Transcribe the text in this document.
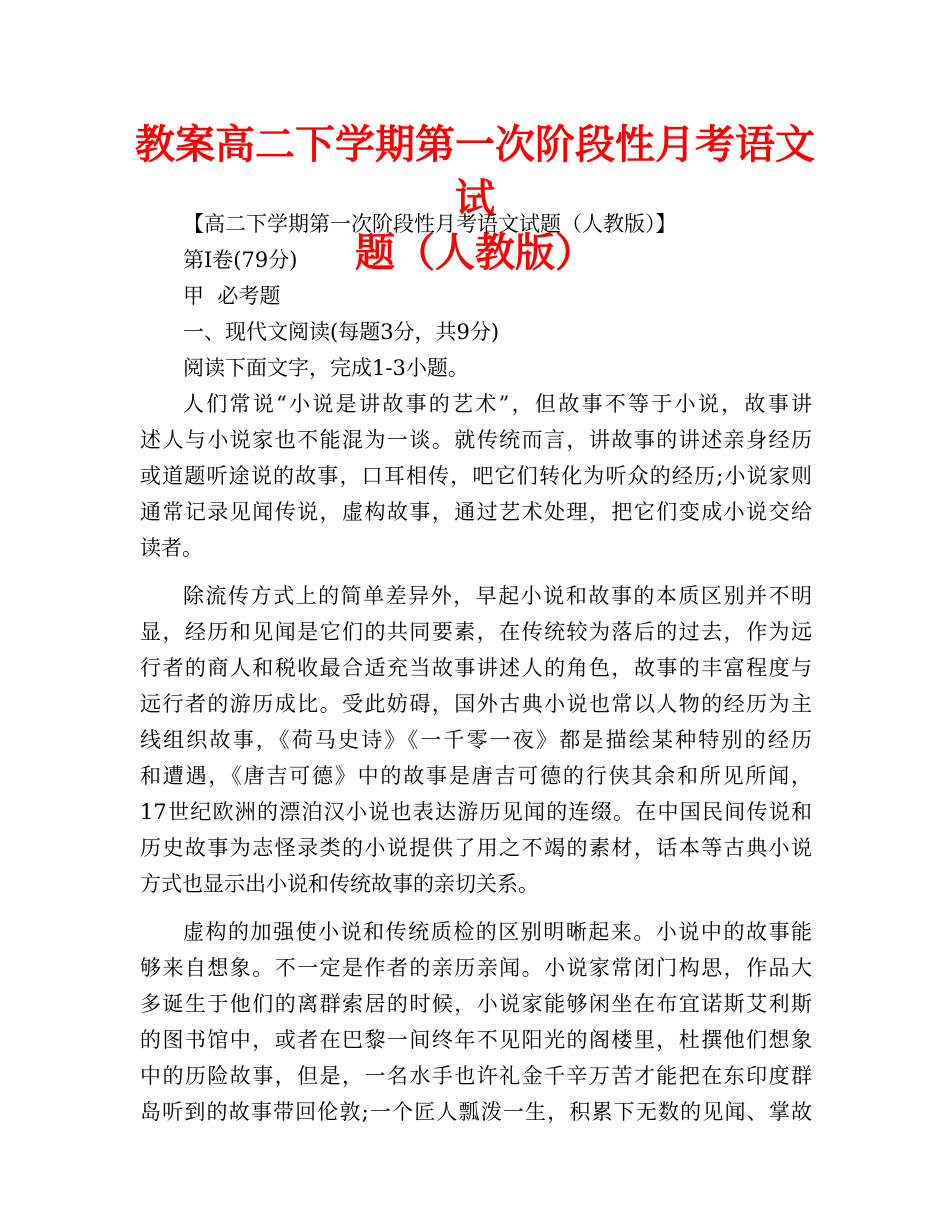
教案高二下学期第一次阶段性月考语文试
题（人教版）

【高二下学期第一次阶段性月考语文试题（人教版）】

第Ⅰ卷(79分)

甲  必考题

一、现代文阅读(每题3分，共9分)

阅读下面文字，完成1-3小题。

人们常说“小说是讲故事的艺术”，但故事不等于小说，故事讲

述人与小说家也不能混为一谈。就传统而言，讲故事的讲述亲身经历

或道题听途说的故事，口耳相传，吧它们转化为听众的经历;小说家则

通常记录见闻传说，虚构故事，通过艺术处理，把它们变成小说交给

读者。

除流传方式上的简单差异外，早起小说和故事的本质区别并不明

显，经历和见闻是它们的共同要素，在传统较为落后的过去，作为远

行者的商人和税收最合适充当故事讲述人的角色，故事的丰富程度与

远行者的游历成比。受此妨碍，国外古典小说也常以人物的经历为主

线组织故事，《荷马史诗》《一千零一夜》都是描绘某种特别的经历

和遭遇，《唐吉可德》中的故事是唐吉可德的行侠其余和所见所闻，

17世纪欧洲的漂泊汉小说也表达游历见闻的连缀。在中国民间传说和

历史故事为志怪录类的小说提供了用之不竭的素材，话本等古典小说

方式也显示出小说和传统故事的亲切关系。

虚构的加强使小说和传统质检的区别明晰起来。小说中的故事能

够来自想象。不一定是作者的亲历亲闻。小说家常闭门构思，作品大

多诞生于他们的离群索居的时候，小说家能够闲坐在布宜诺斯艾利斯

的图书馆中，或者在巴黎一间终年不见阳光的阁楼里，杜撰他们想象

中的历险故事，但是，一名水手也许礼金千辛万苦才能把在东印度群

岛听到的故事带回伦敦;一个匠人瓢泼一生，积累下无数的见闻、掌故
